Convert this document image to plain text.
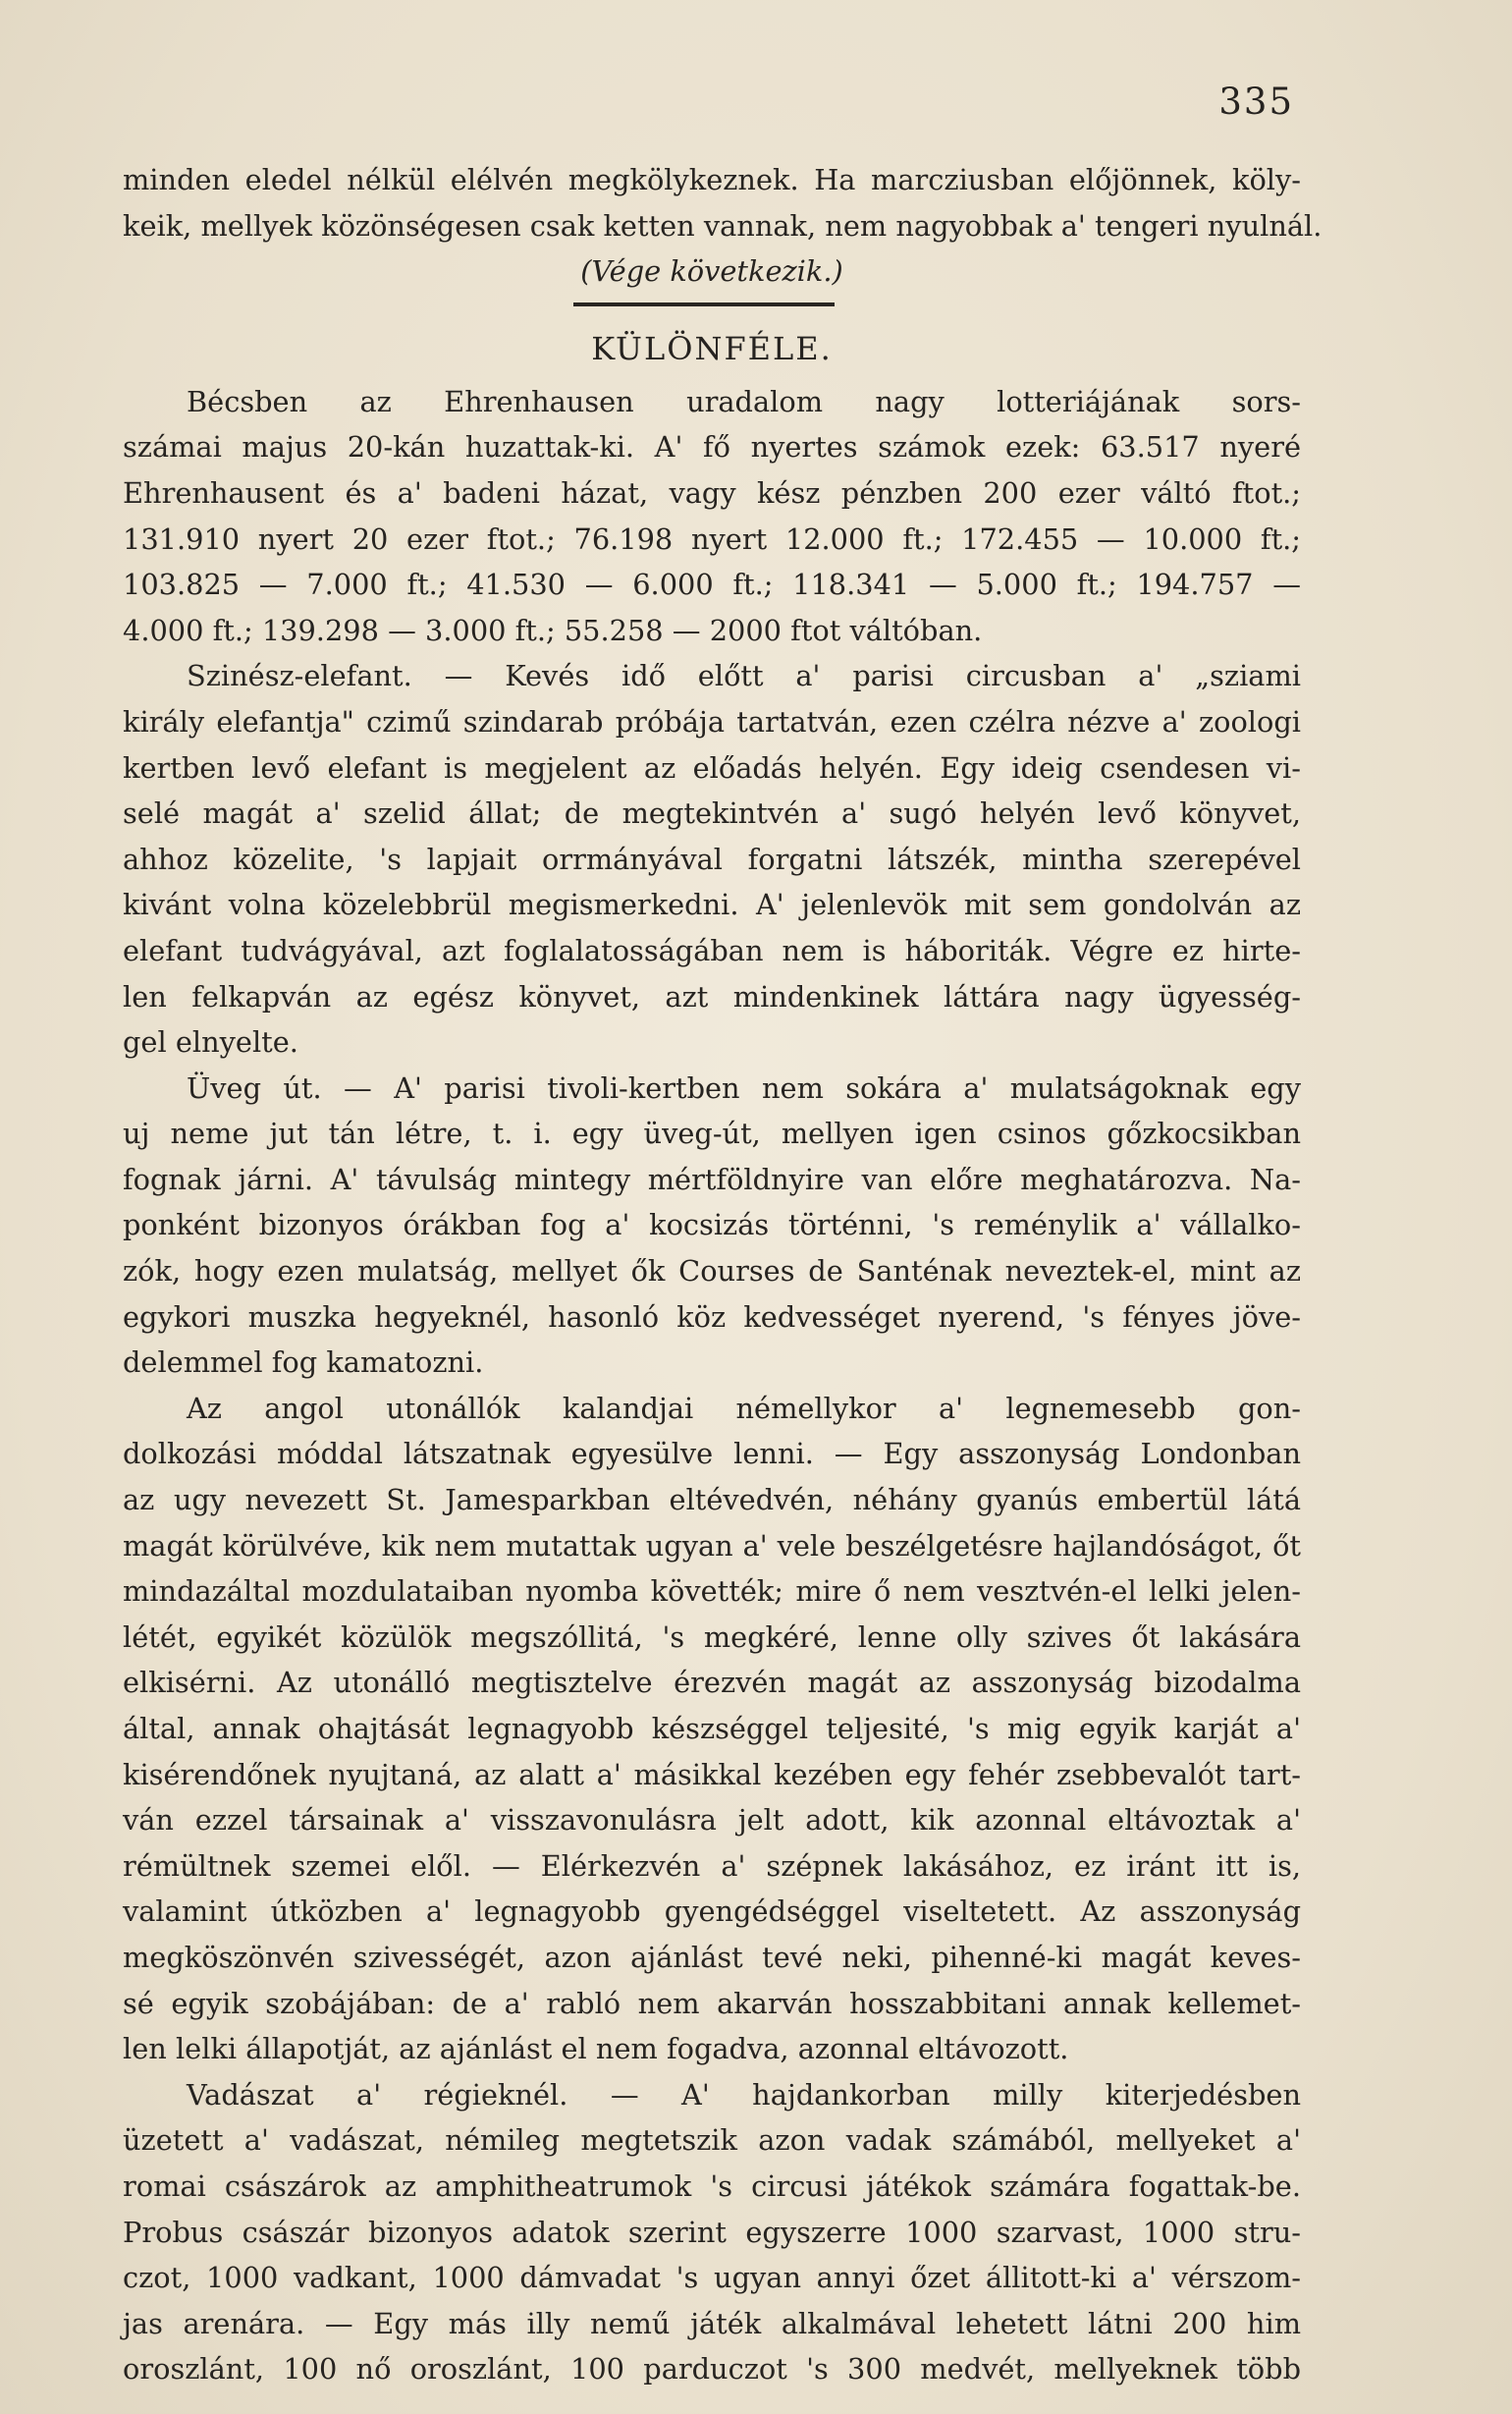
335
minden eledel nélkül elélvén megkölykeznek. Ha marcziusban előjönnek, köly-
keik, mellyek közönségesen csak ketten vannak, nem nagyobbak a' tengeri nyulnál.
(Vége következik.)
KÜLÖNFÉLE.
Bécsben az Ehrenhausen uradalom nagy lotteriájának sors-
számai majus 20-kán huzattak-ki. A' fő nyertes számok ezek: 63.517 nyeré
Ehrenhausent és a' badeni házat, vagy kész pénzben 200 ezer váltó ftot.;
131.910 nyert 20 ezer ftot.; 76.198 nyert 12.000 ft.; 172.455 — 10.000 ft.;
103.825 — 7.000 ft.; 41.530 — 6.000 ft.; 118.341 — 5.000 ft.; 194.757 —
4.000 ft.; 139.298 — 3.000 ft.; 55.258 — 2000 ftot váltóban.
Szinész-elefant. — Kevés idő előtt a' parisi circusban a' „sziami
király elefantja" czimű szindarab próbája tartatván, ezen czélra nézve a' zoologi
kertben levő elefant is megjelent az előadás helyén. Egy ideig csendesen vi-
selé magát a' szelid állat; de megtekintvén a' sugó helyén levő könyvet,
ahhoz közelite, 's lapjait orrmányával forgatni látszék, mintha szerepével
kivánt volna közelebbrül megismerkedni. A' jelenlevök mit sem gondolván az
elefant tudvágyával, azt foglalatosságában nem is háboriták. Végre ez hirte-
len felkapván az egész könyvet, azt mindenkinek láttára nagy ügyesség-
gel elnyelte.
Üveg út. — A' parisi tivoli-kertben nem sokára a' mulatságoknak egy
uj neme jut tán létre, t. i. egy üveg-út, mellyen igen csinos gőzkocsikban
fognak járni. A' távulság mintegy mértföldnyire van előre meghatározva. Na-
ponként bizonyos órákban fog a' kocsizás történni, 's reménylik a' vállalko-
zók, hogy ezen mulatság, mellyet ők Courses de Santénak neveztek-el, mint az
egykori muszka hegyeknél, hasonló köz kedvességet nyerend, 's fényes jöve-
delemmel fog kamatozni.
Az angol utonállók kalandjai némellykor a' legnemesebb gon-
dolkozási móddal látszatnak egyesülve lenni. — Egy asszonyság Londonban
az ugy nevezett St. Jamesparkban eltévedvén, néhány gyanús embertül látá
magát körülvéve, kik nem mutattak ugyan a' vele beszélgetésre hajlandóságot, őt
mindazáltal mozdulataiban nyomba követték; mire ő nem vesztvén-el lelki jelen-
létét, egyikét közülök megszóllitá, 's megkéré, lenne olly szives őt lakására
elkisérni. Az utonálló megtisztelve érezvén magát az asszonyság bizodalma
által, annak ohajtását legnagyobb készséggel teljesité, 's mig egyik karját a'
kisérendőnek nyujtaná, az alatt a' másikkal kezében egy fehér zsebbevalót tart-
ván ezzel társainak a' visszavonulásra jelt adott, kik azonnal eltávoztak a'
rémültnek szemei elől. — Elérkezvén a' szépnek lakásához, ez iránt itt is,
valamint útközben a' legnagyobb gyengédséggel viseltetett. Az asszonyság
megköszönvén szivességét, azon ajánlást tevé neki, pihenné-ki magát keves-
sé egyik szobájában: de a' rabló nem akarván hosszabbitani annak kellemet-
len lelki állapotját, az ajánlást el nem fogadva, azonnal eltávozott.
Vadászat a' régieknél. — A' hajdankorban milly kiterjedésben
üzetett a' vadászat, némileg megtetszik azon vadak számából, mellyeket a'
romai császárok az amphitheatrumok 's circusi játékok számára fogattak-be.
Probus császár bizonyos adatok szerint egyszerre 1000 szarvast, 1000 stru-
czot, 1000 vadkant, 1000 dámvadat 's ugyan annyi őzet állitott-ki a' vérszom-
jas arenára. — Egy más illy nemű játék alkalmával lehetett látni 200 him
oroszlánt, 100 nő oroszlánt, 100 parduczot 's 300 medvét, mellyeknek több
